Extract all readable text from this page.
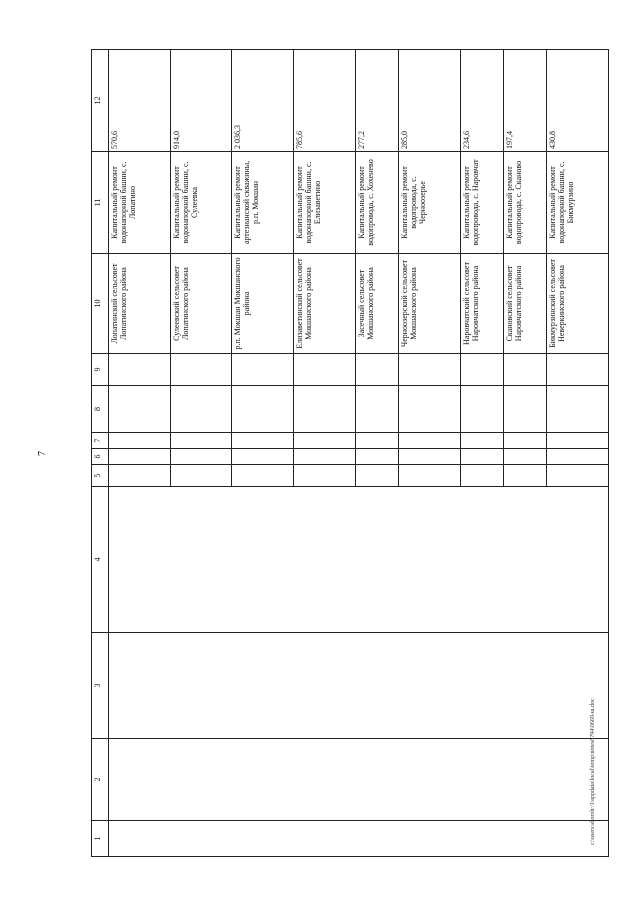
7
1	2	3	4	5	6	7	8	9	10	11	12
									Лопатинский сельсовет Лопатинского района	Капитальный ремонт водонапорной башни, с. Лопатино	570,6
									Сулеевский сельсовет Лопатинского района	Капитальный ремонт водонапорной башни, с. Сулеевка	914,0
									р.п. Мокшан Мокшанского района	Капитальный ремонт артезианской скважины, р.п. Мокшан	2 036,3
									Елизаветинский сельсовет Мокшанского района	Капитальный ремонт водонапорной башни, с. Елизаветино	785,6
									Засечный сельсовет Мокшанского района	Капитальный ремонт водопровода, с. Хохенево	277,2
									Черноозерский сельсовет Мокшанского района	Капитальный ремонт водопровода, с. Черноозерье	285,0
									Наровчатский сельсовет Наровчатского района	Капитальный ремонт водопровода, с. Наровчат	234,6
									Скановский сельсовет Наровчатского района	Капитальный ремонт водопровода, с. Сканово	197,4
									Бикмурзинский сельсовет Неверкинского района	Капитальный ремонт водонапорной башни, с. Бикмурзино	430,8
c:\users\sboroh~1\appdata\local\temp\notes8794\0669-ш.doc
